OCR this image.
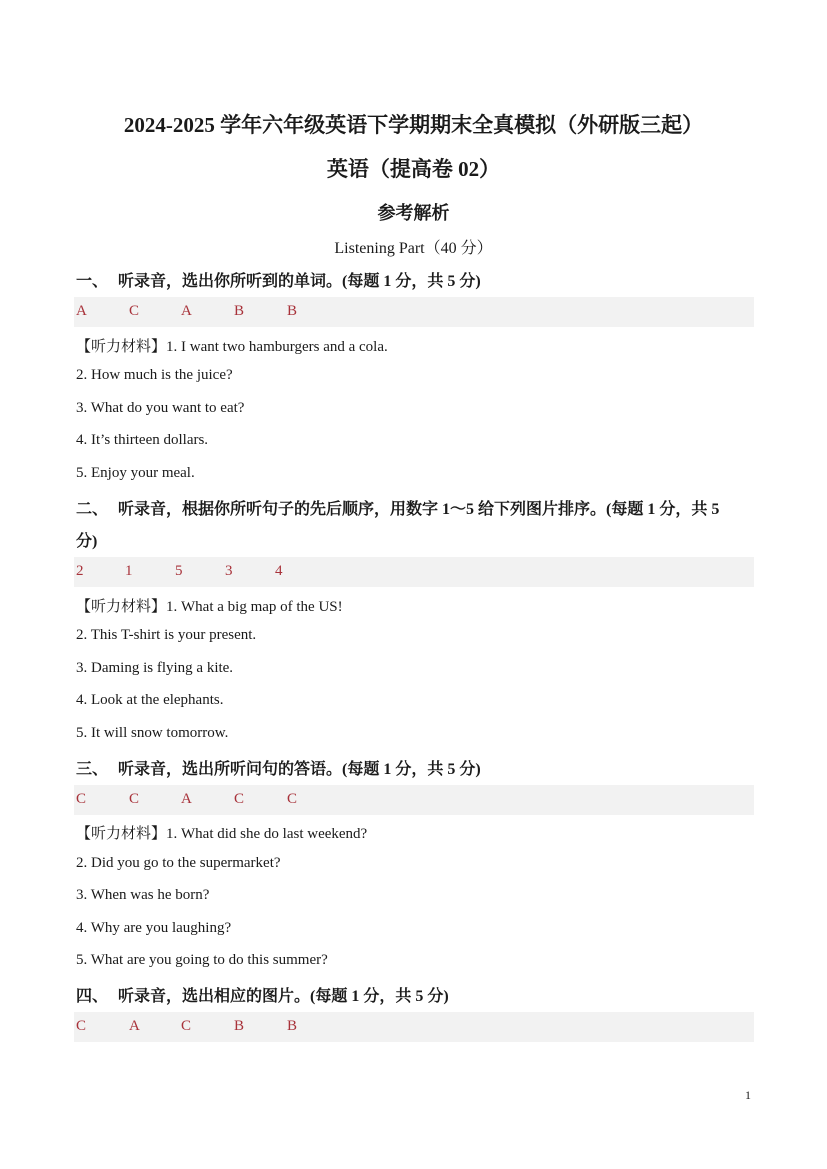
2024-2025 学年六年级英语下学期期末全真模拟（外研版三起）
英语（提高卷 02）
参考解析
Listening Part（40 分）
一、 听录音，选出你所听到的单词。(每题 1 分，共 5 分)
A	C	A	B	B
【听力材料】1. I want two hamburgers and a cola.
2. How much is the juice?
3. What do you want to eat?
4. It’s thirteen dollars.
5. Enjoy your meal.
二、 听录音，根据你所听句子的先后顺序，用数字 1～5 给下列图片排序。(每题 1 分，共 5
分)
2	1	5	3	4
【听力材料】1. What a big map of the US!
2. This T-shirt is your present.
3. Daming is flying a kite.
4. Look at the elephants.
5. It will snow tomorrow.
三、 听录音，选出所听问句的答语。(每题 1 分，共 5 分)
C	C	A	C	C
【听力材料】1. What did she do last weekend?
2. Did you go to the supermarket?
3. When was he born?
4. Why are you laughing?
5. What are you going to do this summer?
四、 听录音，选出相应的图片。(每题 1 分，共 5 分)
C	A	C	B	B
1
